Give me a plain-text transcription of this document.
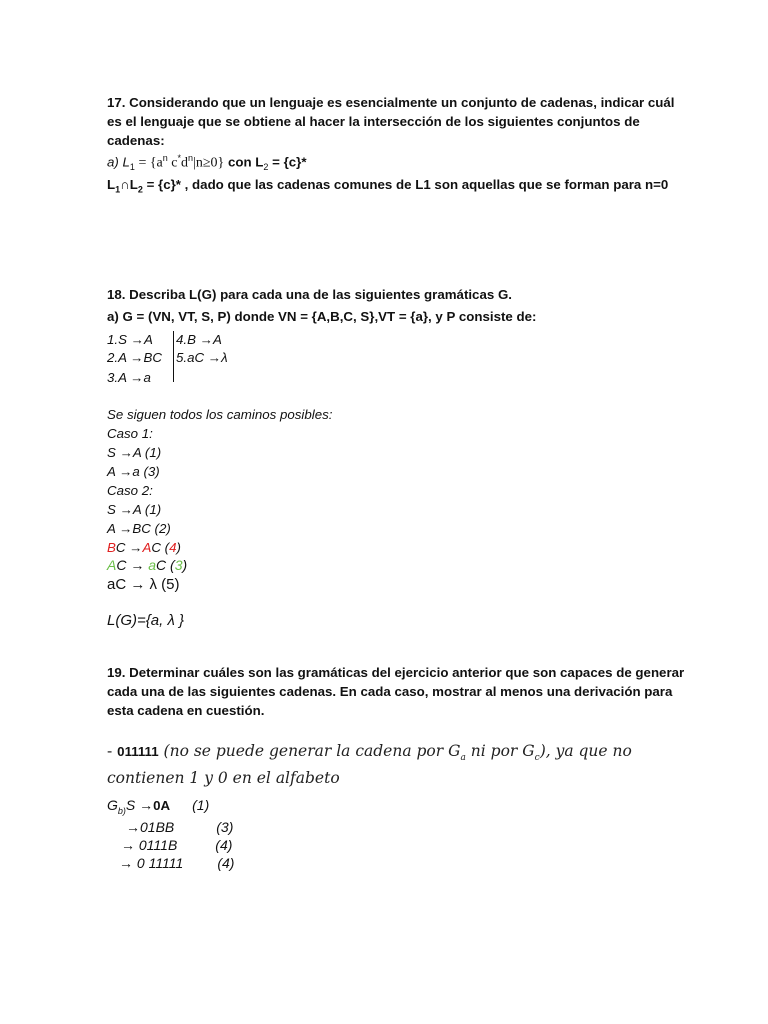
17. Considerando que un lenguaje es esencialmente un conjunto de cadenas, indicar cuál
es el lenguaje que se obtiene al hacer la intersección de los siguientes conjuntos de
cadenas:
a) $L_1 = \{a^n$ $c^*d^n|n\ge 0$} con $L_2 = \{c\}*$
$L_1\cap L_2 = \{c\}*$ , dado que las cadenas comunes de L1 son aquellas que se forman para n=0
18. Describa L(G) para cada una de las siguientes gramáticas G.
a) G = (VN, VT, S, P) donde VN = {A,B,C, S},VT = {a}, y P consiste de:
1.S →A
2.A →BC
3.A →a
4.B →A
5.aC →λ
Se siguen todos los caminos posibles:
Caso 1:
S →A (1)
A →a (3)
Caso 2:
S →A (1)
A →BC (2)
BC →AC (4)
AC → aC (3)
aC → λ (5)
L(G)={a, λ }
19. Determinar cuáles son las gramáticas del ejercicio anterior que son capaces de generar
cada una de las siguientes cadenas. En cada caso, mostrar al menos una derivación para
esta cadena en cuestión.
- 011111 (no se puede generar la cadena por $G_a$ ni por $G_c$), ya que no
contienen 1 y 0 en el alfabeto
$G_{b)}S \to 0A$ (1)
→01BB	(3)
→ 0111B	(4)
→ 0 11111 (4)
